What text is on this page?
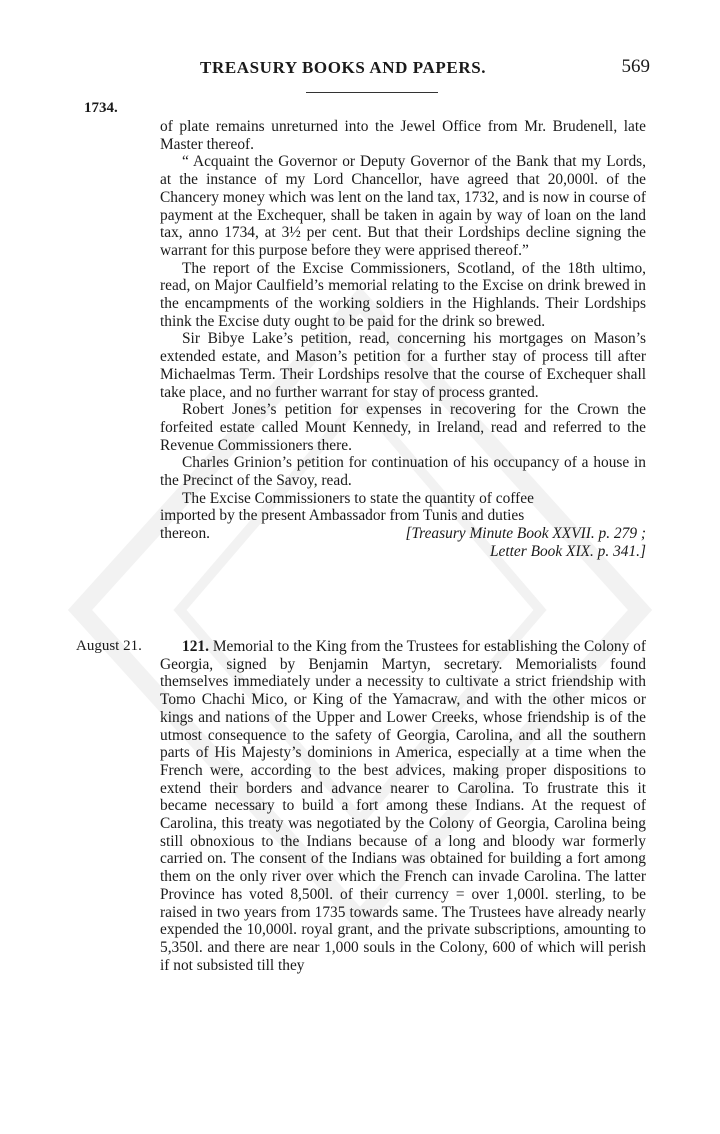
TREASURY BOOKS AND PAPERS.	569
1734.

of plate remains unreturned into the Jewel Office from Mr. Brudenell, late Master thereof.

“ Acquaint the Governor or Deputy Governor of the Bank that my Lords, at the instance of my Lord Chancellor, have agreed that 20,000l. of the Chancery money which was lent on the land tax, 1732, and is now in course of payment at the Exchequer, shall be taken in again by way of loan on the land tax, anno 1734, at 3½ per cent. But that their Lordships decline signing the warrant for this purpose before they were apprised thereof.”

The report of the Excise Commissioners, Scotland, of the 18th ultimo, read, on Major Caulfield’s memorial relating to the Excise on drink brewed in the encampments of the working soldiers in the Highlands. Their Lordships think the Excise duty ought to be paid for the drink so brewed.

Sir Bibye Lake’s petition, read, concerning his mortgages on Mason’s extended estate, and Mason’s petition for a further stay of process till after Michaelmas Term. Their Lordships resolve that the course of Exchequer shall take place, and no further warrant for stay of process granted.

Robert Jones’s petition for expenses in recovering for the Crown the forfeited estate called Mount Kennedy, in Ireland, read and referred to the Revenue Commissioners there.

Charles Grinion’s petition for continuation of his occupancy of a house in the Precinct of the Savoy, read.

The Excise Commissioners to state the quantity of coffee

imported by the present Ambassador from Tunis and duties

thereon.	[Treasury Minute Book XXVII. p. 279 ;

Letter Book XIX. p. 341.]

August 21.	121. Memorial to the King from the Trustees for establishing the Colony of Georgia, signed by Benjamin Martyn, secretary. Memorialists found themselves immediately under a necessity to cultivate a strict friendship with Tomo Chachi Mico, or King of the Yamacraw, and with the other micos or kings and nations of the Upper and Lower Creeks, whose friendship is of the utmost consequence to the safety of Georgia, Carolina, and all the southern parts of His Majesty’s dominions in America, especially at a time when the French were, according to the best advices, making proper dispositions to extend their borders and advance nearer to Carolina. To frustrate this it became necessary to build a fort among these Indians. At the request of Carolina, this treaty was negotiated by the Colony of Georgia, Carolina being still obnoxious to the Indians because of a long and bloody war formerly carried on. The consent of the Indians was obtained for building a fort among them on the only river over which the French can invade Carolina. The latter Province has voted 8,500l. of their currency = over 1,000l. sterling, to be raised in two years from 1735 towards same. The Trustees have already nearly expended the 10,000l. royal grant, and the private subscriptions, amounting to 5,350l. and there are near 1,000 souls in the Colony, 600 of which will perish if not subsisted till they
